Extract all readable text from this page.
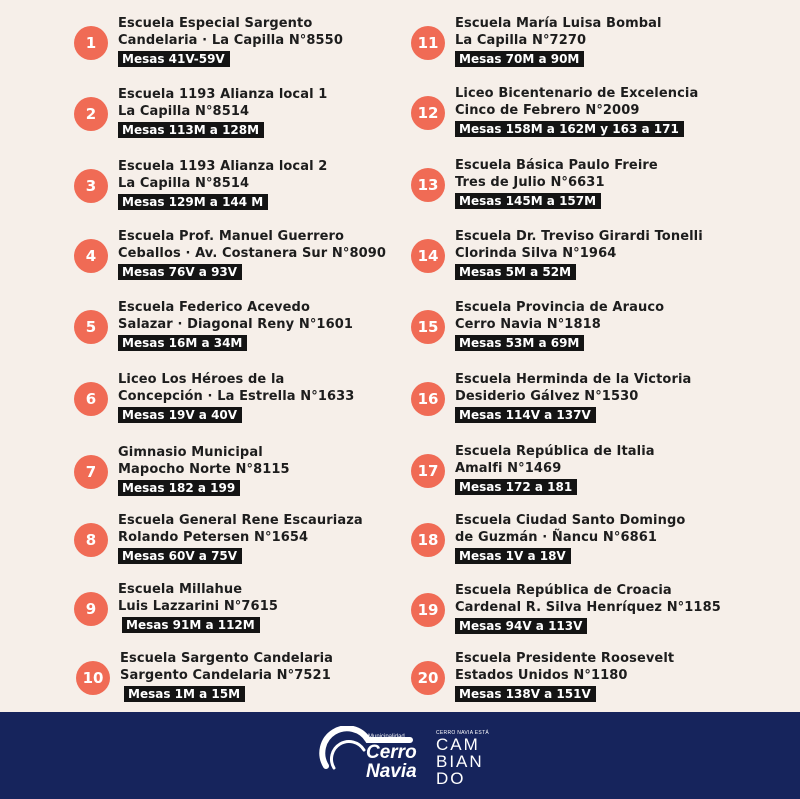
1
Escuela Especial Sargento
Candelaria · La Capilla N°8550
Mesas 41V-59V
2
Escuela 1193 Alianza local 1
La Capilla N°8514
Mesas 113M a 128M
3
Escuela 1193 Alianza local 2
La Capilla N°8514
Mesas 129M a 144 M
4
Escuela Prof. Manuel Guerrero
Ceballos · Av. Costanera Sur N°8090
Mesas 76V a 93V
5
Escuela Federico Acevedo
Salazar · Diagonal Reny N°1601
Mesas 16M a 34M
6
Liceo Los Héroes de la
Concepción · La Estrella N°1633
Mesas 19V a 40V
7
Gimnasio Municipal
Mapocho Norte N°8115
Mesas 182 a 199
8
Escuela General Rene Escauriaza
Rolando Petersen N°1654
Mesas 60V a 75V
9
Escuela Millahue
Luis Lazzarini N°7615
Mesas 91M a 112M
10
Escuela Sargento Candelaria
Sargento Candelaria N°7521
Mesas 1M a 15M
11
Escuela María Luisa Bombal
La Capilla N°7270
Mesas 70M a 90M
12
Liceo Bicentenario de Excelencia
Cinco de Febrero N°2009
Mesas 158M a 162M y 163 a 171
13
Escuela Básica Paulo Freire
Tres de Julio N°6631
Mesas 145M a 157M
14
Escuela Dr. Treviso Girardi Tonelli
Clorinda Silva N°1964
Mesas 5M a 52M
15
Escuela Provincia de Arauco
Cerro Navia N°1818
Mesas 53M a 69M
16
Escuela Herminda de la Victoria
Desiderio Gálvez N°1530
Mesas 114V a 137V
17
Escuela República de Italia
Amalfi N°1469
Mesas 172 a 181
18
Escuela Ciudad Santo Domingo
de Guzmán · Ñancu N°6861
Mesas 1V a 18V
19
Escuela República de Croacia
Cardenal R. Silva Henríquez N°1185
Mesas 94V a 113V
20
Escuela Presidente Roosevelt
Estados Unidos N°1180
Mesas 138V a 151V
Municipalidad
Cerro
Navia
CERRO NAVIA ESTÁ
CAM
BIAN
DO
